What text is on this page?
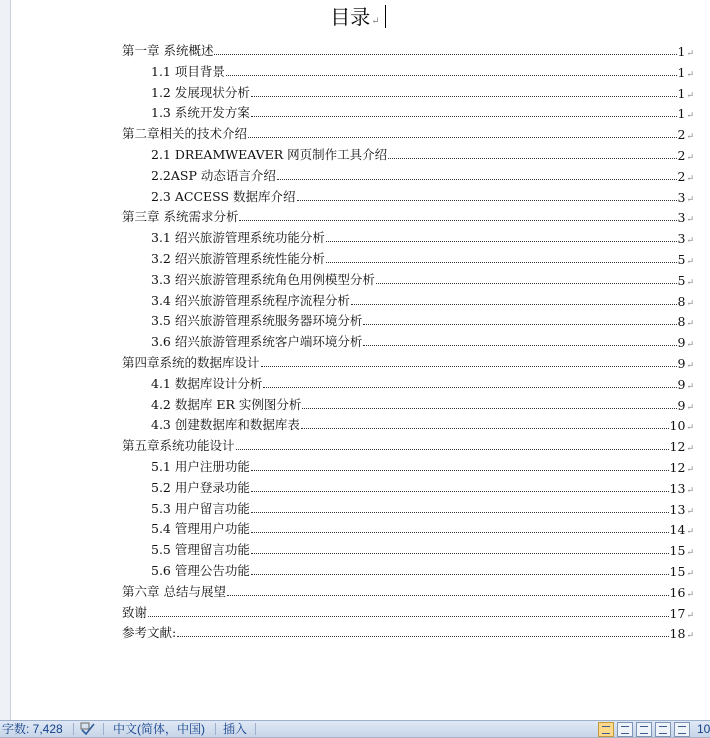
目录↵
第一章 系统概述	1 ↵
1.1 项目背景	1 ↵
1.2 发展现状分析	1 ↵
1.3 系统开发方案	1 ↵
第二章相关的技术介绍	2 ↵
2.1 DREAMWEAVER 网页制作工具介绍	2 ↵
2.2ASP 动态语言介绍	2 ↵
2.3 ACCESS 数据库介绍	3 ↵
第三章 系统需求分析	3 ↵
3.1 绍兴旅游管理系统功能分析	3 ↵
3.2 绍兴旅游管理系统性能分析	5 ↵
3.3 绍兴旅游管理系统角色用例模型分析	5 ↵
3.4 绍兴旅游管理系统程序流程分析	8 ↵
3.5 绍兴旅游管理系统服务器环境分析	8 ↵
3.6 绍兴旅游管理系统客户端环境分析	9 ↵
第四章系统的数据库设计	9 ↵
4.1 数据库设计分析	9 ↵
4.2 数据库 ER 实例图分析	9 ↵
4.3 创建数据库和数据库表	10 ↵
第五章系统功能设计	12 ↵
5.1 用户注册功能	12 ↵
5.2 用户登录功能	13 ↵
5.3 用户留言功能	13 ↵
5.4 管理用户功能	14 ↵
5.5 管理留言功能	15 ↵
5.6 管理公告功能	15 ↵
第六章 总结与展望	16 ↵
致谢	17 ↵
参考文献:	18 ↵
字数: 7,428	中文(简体，中国) 插入	10
